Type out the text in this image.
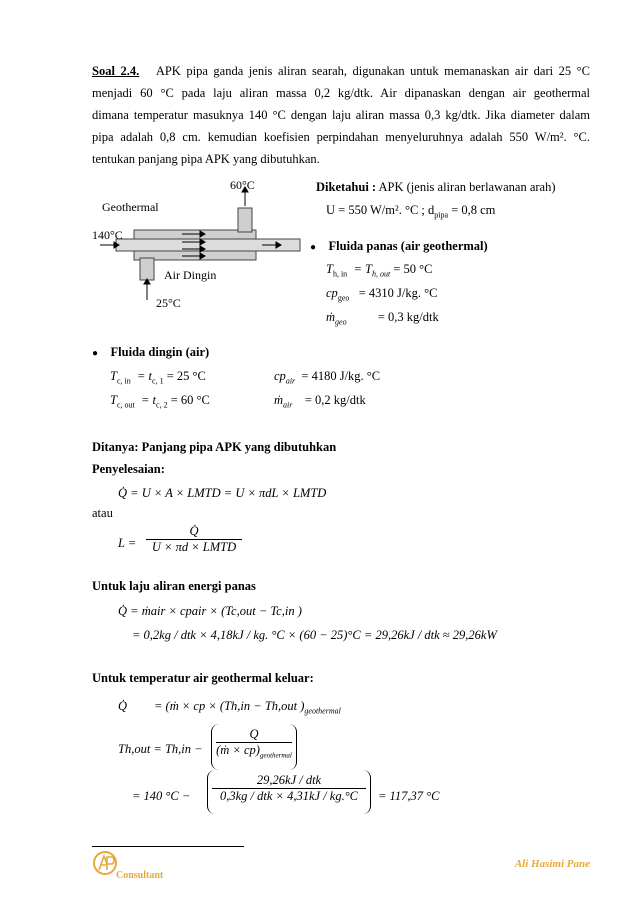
Soal 2.4. APK pipa ganda jenis aliran searah, digunakan untuk memanaskan air dari 25 °C
menjadi 60 °C pada laju aliran massa 0,2 kg/dtk. Air dipanaskan dengan air geothermal
dimana temperatur masuknya 140 °C dengan laju aliran massa 0,3 kg/dtk. Jika diameter dalam
pipa adalah 0,8 cm. kemudian koefisien perpindahan menyeluruhnya adalah 550 W/m². °C.
tentukan panjang pipa APK yang dibutuhkan.
60°C
Geothermal
140°C
Air Dingin
25°C
Diketahui : APK (jenis aliran berlawanan arah)
U = 550 W/m². °C ; $d_{pipa} = 0,8$ cm
● Fluida panas (air geothermal)
$T_{h, in} = T_{h, out} = 50$ °C
$cp_{geo} = 4310$ J/kg. °C
ṁ$_{geo}$	= 0,3 kg/dtk
● Fluida dingin (air)
$T_{c, in} = t_{c, 1} = 25$ °C
$T_{c, out} = t_{c, 2} = 60$ °C
$cp_{air} = 4180$ J/kg. °C
ṁ$_{air}$ = 0,2 kg/dtk
Ditanya: Panjang pipa APK yang dibutuhkan
Penyelesaian:
Q̇ = U × A × LMTD = U × πdL × LMTD
atau
L =
Q̇
U × πd × LMTD
Untuk laju aliran energi panas
Q̇ = ṁair × cpair × (Tc,out − Tc,in )
= 0,2kg / dtk × 4,18kJ / kg. °C × (60 − 25)°C = 29,26kJ / dtk ≈ 29,26kW
Untuk temperatur air geothermal keluar:
Q̇ = (ṁ × cp × (Th,in − Th,out )$_{geothermal}$
Th,out = Th,in −
Q
(ṁ × $cp)_{geothermal}$
= 140 °C −
29,26kJ / dtk
0,3kg / dtk × 4,31kJ / kg.°C	= 117,37 °C
Consultant
Ali Hasimi Pane
